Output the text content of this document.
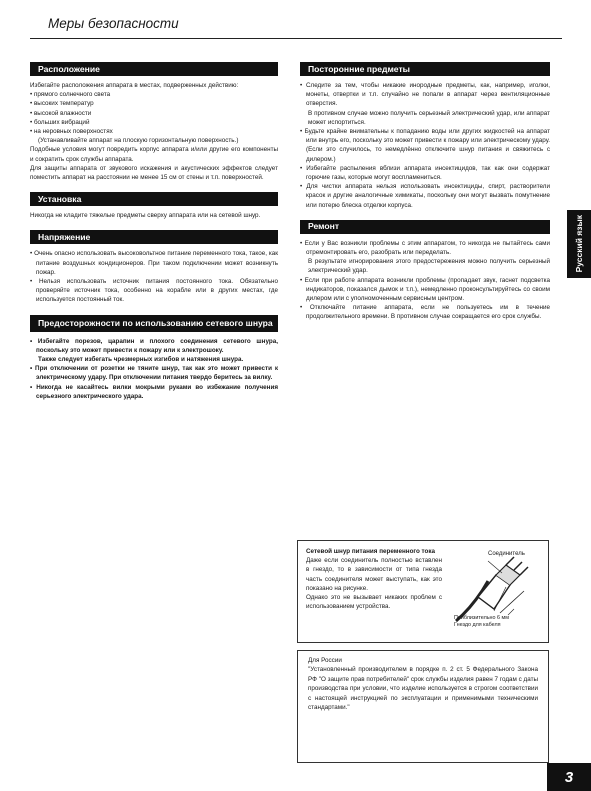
Меры безопасности
Расположение

Избегайте расположения аппарата в местах, подверженных действию:

• прямого солнечного света

• высоких температур

• высокой влажности

• больших вибраций

• на неровных поверхностях

(Устанавливайте аппарат на плоскую горизонтальную поверхность.)

Подобные условия могут повредить корпус аппарата и/или другие его компоненты и сократить срок службы аппарата.

Для защиты аппарата от звукового искажения и акустических эффектов следует поместить аппарат на расстоянии не менее 15 см от стены и т.п. поверхностей.

Установка

Никогда не кладите тяжелые предметы сверху аппарата или на сетевой шнур.

Напряжение

• Очень опасно использовать высоковольтное питание переменного тока, такое, как питание воздушных кондиционеров. При таком подключении может возникнуть пожар.

• Нельзя использовать источник питания постоянного тока. Обязательно проверяйте источник тока, особенно на корабле или в других местах, где используется постоянный ток.

Предосторожности по использованию сетевого шнура

• Избегайте порезов, царапин и плохого соединения сетевого шнура, поскольку это может привести к пожару или к электрошоку.

Также следует избегать чрезмерных изгибов и натяжения шнура.

• При отключении от розетки не тяните шнур, так как это может привести к электрическому удару. При отключении питания твердо беритесь за вилку.

• Никогда не касайтесь вилки мокрыми руками во избежание получения серьезного электрического удара.

Посторонние предметы

• Следите за тем, чтобы никакие инородные предметы, как, например, иголки, монеты, отвертки и т.п. случайно не попали в аппарат через вентиляционные отверстия.

В противном случае можно получить серьезный электрический удар, или аппарат может испортиться.

• Будьте крайне внимательны к попаданию воды или других жидкостей на аппарат или внутрь его, поскольку это может привести к пожару или электрическому удару. (Если это случилось, то немедлённо отключите шнур питания и свяжитесь с дилером.)

• Избегайте распыления вблизи аппарата инсектицидов, так как они содержат горючие газы, которые могут воспламениться.

• Для чистки аппарата нельзя использовать инсектициды, спирт, растворители красок и другие аналогичные химикаты, поскольку они могут вызвать помутнение или потерю блеска отделки корпуса.

Ремонт

• Если у Вас возникли проблемы с этим аппаратом, то никогда не пытайтесь сами отремонтировать его, разобрать или переделать.

В результате игнорирования этого предостережения можно получить серьезный электрический удар.

• Если при работе аппарата возникли проблемы (пропадает звук, гаснет подсветка индикаторов, показался дымок и т.п.), немедленно проконсультируйтесь со своим дилером или с уполномоченным сервисным центром.

• Отключайте питание аппарата, если не пользуетесь им в течение продолжительного времени. В противном случае сокращается его срок службы.

Русский язык

Сетевой шнур питания переменного тока

Даже если соединитель полностью вставлен в гнездо, то в зависимости от типа гнезда часть соединителя может выступать, как это показано на рисунке.

Однако это не вызывает никаких проблем с использованием устройства.

Соединитель
Приблизительно 6 мм
Гнездо для кабеля

Для России

"Установленный производителем в порядке п. 2 ст. 5 Федерального Закона РФ "О защите прав потребителей" срок службы изделия равен 7 годам с даты производства при условии, что изделие используется в строгом соответствии с настоящей инструкцией по эксплуатации и применимыми техническими стандартами."

3
